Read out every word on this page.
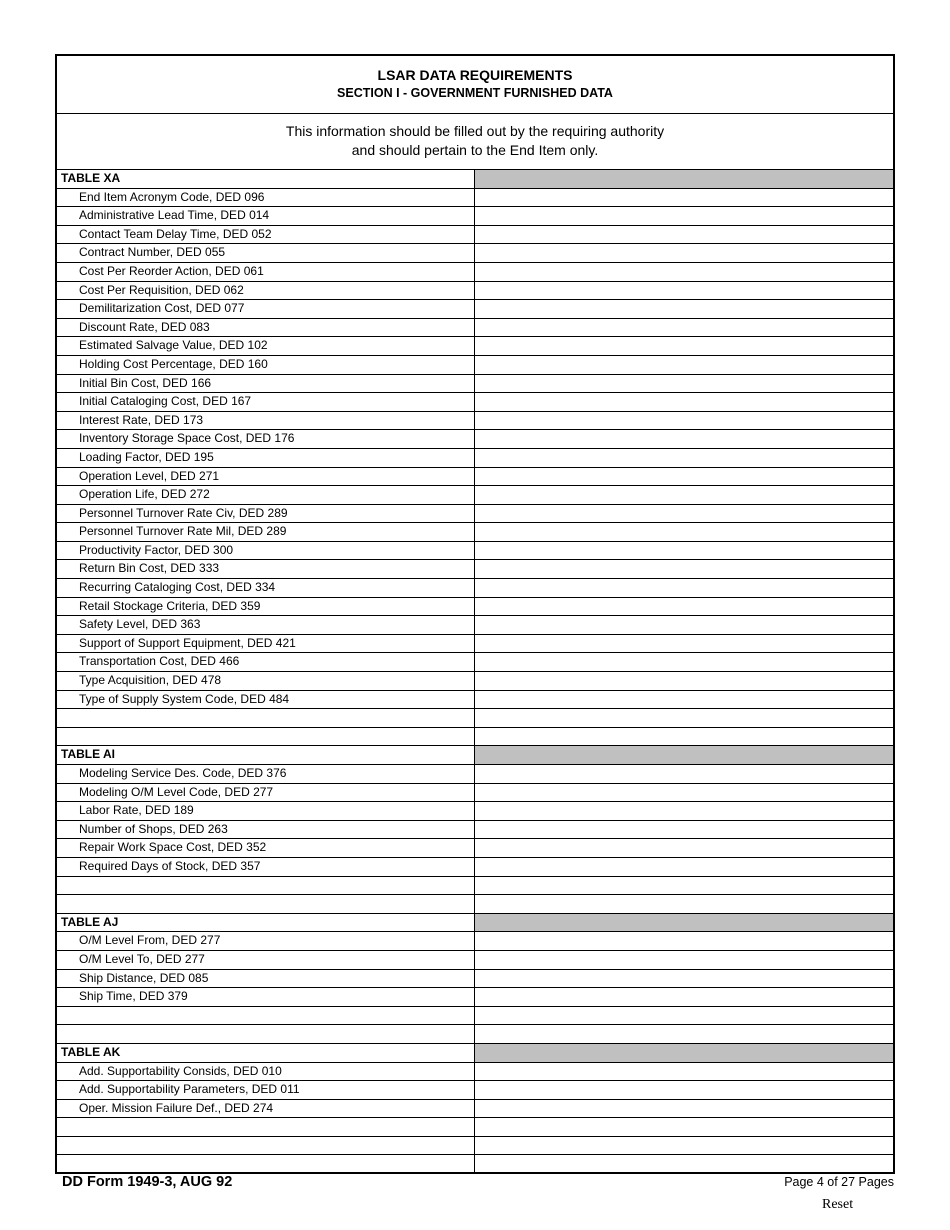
LSAR DATA REQUIREMENTS
SECTION I - GOVERNMENT FURNISHED DATA
This information should be filled out by the requiring authority
and should pertain to the End Item only.
TABLE XA
End Item Acronym Code, DED 096
Administrative Lead Time, DED 014
Contact Team Delay Time, DED 052
Contract Number, DED 055
Cost Per Reorder Action, DED 061
Cost Per Requisition, DED 062
Demilitarization Cost, DED 077
Discount Rate, DED 083
Estimated Salvage Value, DED 102
Holding Cost Percentage, DED 160
Initial Bin Cost, DED 166
Initial Cataloging Cost, DED 167
Interest Rate, DED 173
Inventory Storage Space Cost, DED 176
Loading Factor, DED 195
Operation Level, DED 271
Operation Life, DED 272
Personnel Turnover Rate Civ, DED 289
Personnel Turnover Rate Mil, DED 289
Productivity Factor, DED 300
Return Bin Cost, DED 333
Recurring Cataloging Cost, DED 334
Retail Stockage Criteria, DED 359
Safety Level, DED 363
Support of Support Equipment, DED 421
Transportation Cost, DED 466
Type Acquisition, DED 478
Type of Supply System Code, DED 484
TABLE AI
Modeling Service Des. Code, DED 376
Modeling O/M Level Code, DED 277
Labor Rate, DED 189
Number of Shops, DED 263
Repair Work Space Cost, DED 352
Required Days of Stock, DED 357
TABLE AJ
O/M Level From, DED 277
O/M Level To, DED 277
Ship Distance, DED 085
Ship Time, DED 379
TABLE AK
Add. Supportability Consids, DED 010
Add. Supportability Parameters, DED 011
Oper. Mission Failure Def., DED 274
DD Form 1949-3, AUG 92	Page 4 of 27 Pages
Reset
